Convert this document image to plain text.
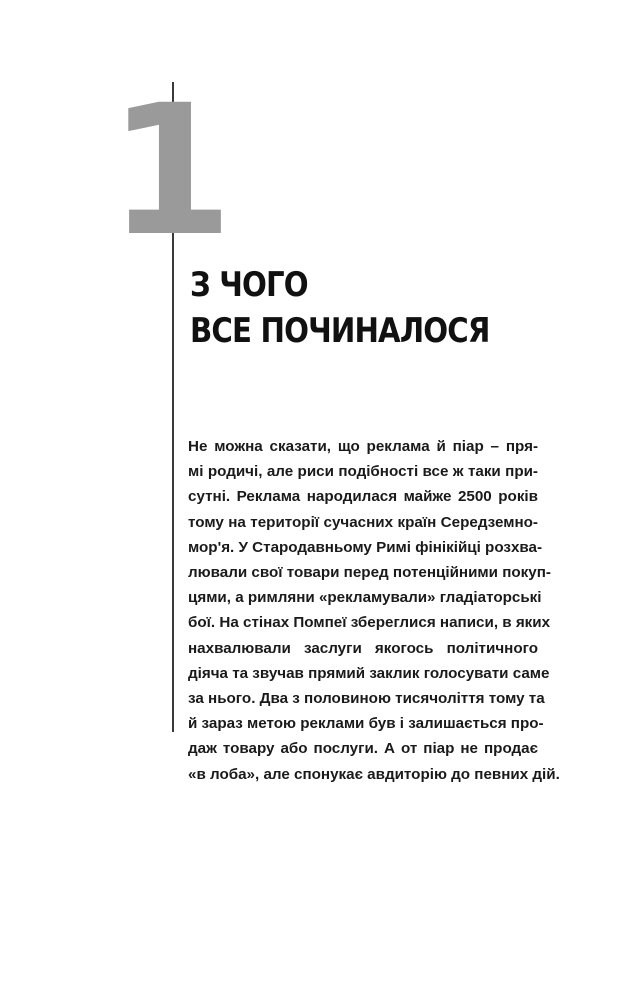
1
З ЧОГО
ВСЕ ПОЧИНАЛОСЯ
Не можна сказати, що реклама й піар – пря-
мі родичі, але риси подібності все ж таки при-
сутні. Реклама народилася майже 2500 років
тому на території сучасних країн Середземно-
мор'я. У Стародавньому Римі фінікійці розхва-
лювали свої товари перед потенційними покуп-
цями, а римляни «рекламували» гладіаторські
бої. На стінах Помпеї збереглися написи, в яких
нахвалювали заслуги якогось політичного
діяча та звучав прямий заклик голосувати саме
за нього. Два з половиною тисячоліття тому та
й зараз метою реклами був і залишається про-
даж товару або послуги. А от піар не продає
«в лоба», але спонукає авдиторію до певних дій.
